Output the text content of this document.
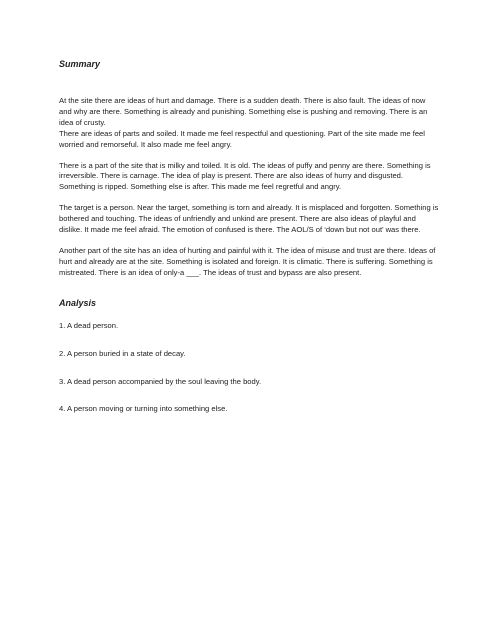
Summary

At the site there are ideas of hurt and damage. There is a sudden death. There is also fault. The ideas of now and why are there. Something is already and punishing. Something else is pushing and removing. There is an idea of crusty.

There are ideas of parts and soiled. It made me feel respectful and questioning. Part of the site made me feel worried and remorseful. It also made me feel angry.

There is a part of the site that is milky and toiled. It is old. The ideas of puffy and penny are there. Something is irreversible. There is carnage. The idea of play is present. There are also ideas of hurry and disgusted. Something is ripped. Something else is after. This made me feel regretful and angry.

The target is a person. Near the target, something is torn and already. It is misplaced and forgotten. Something is bothered and touching. The ideas of unfriendly and unkind are present. There are also ideas of playful and dislike. It made me feel afraid. The emotion of confused is there. The AOL/S of ‘down but not out’ was there.

Another part of the site has an idea of hurting and painful with it. The idea of misuse and trust are there. Ideas of hurt and already are at the site. Something is isolated and foreign. It is climatic. There is suffering. Something is mistreated. There is an idea of only-a ___. The ideas of trust and bypass are also present.

Analysis

1. A dead person.

2. A person buried in a state of decay.

3. A dead person accompanied by the soul leaving the body.

4. A person moving or turning into something else.
